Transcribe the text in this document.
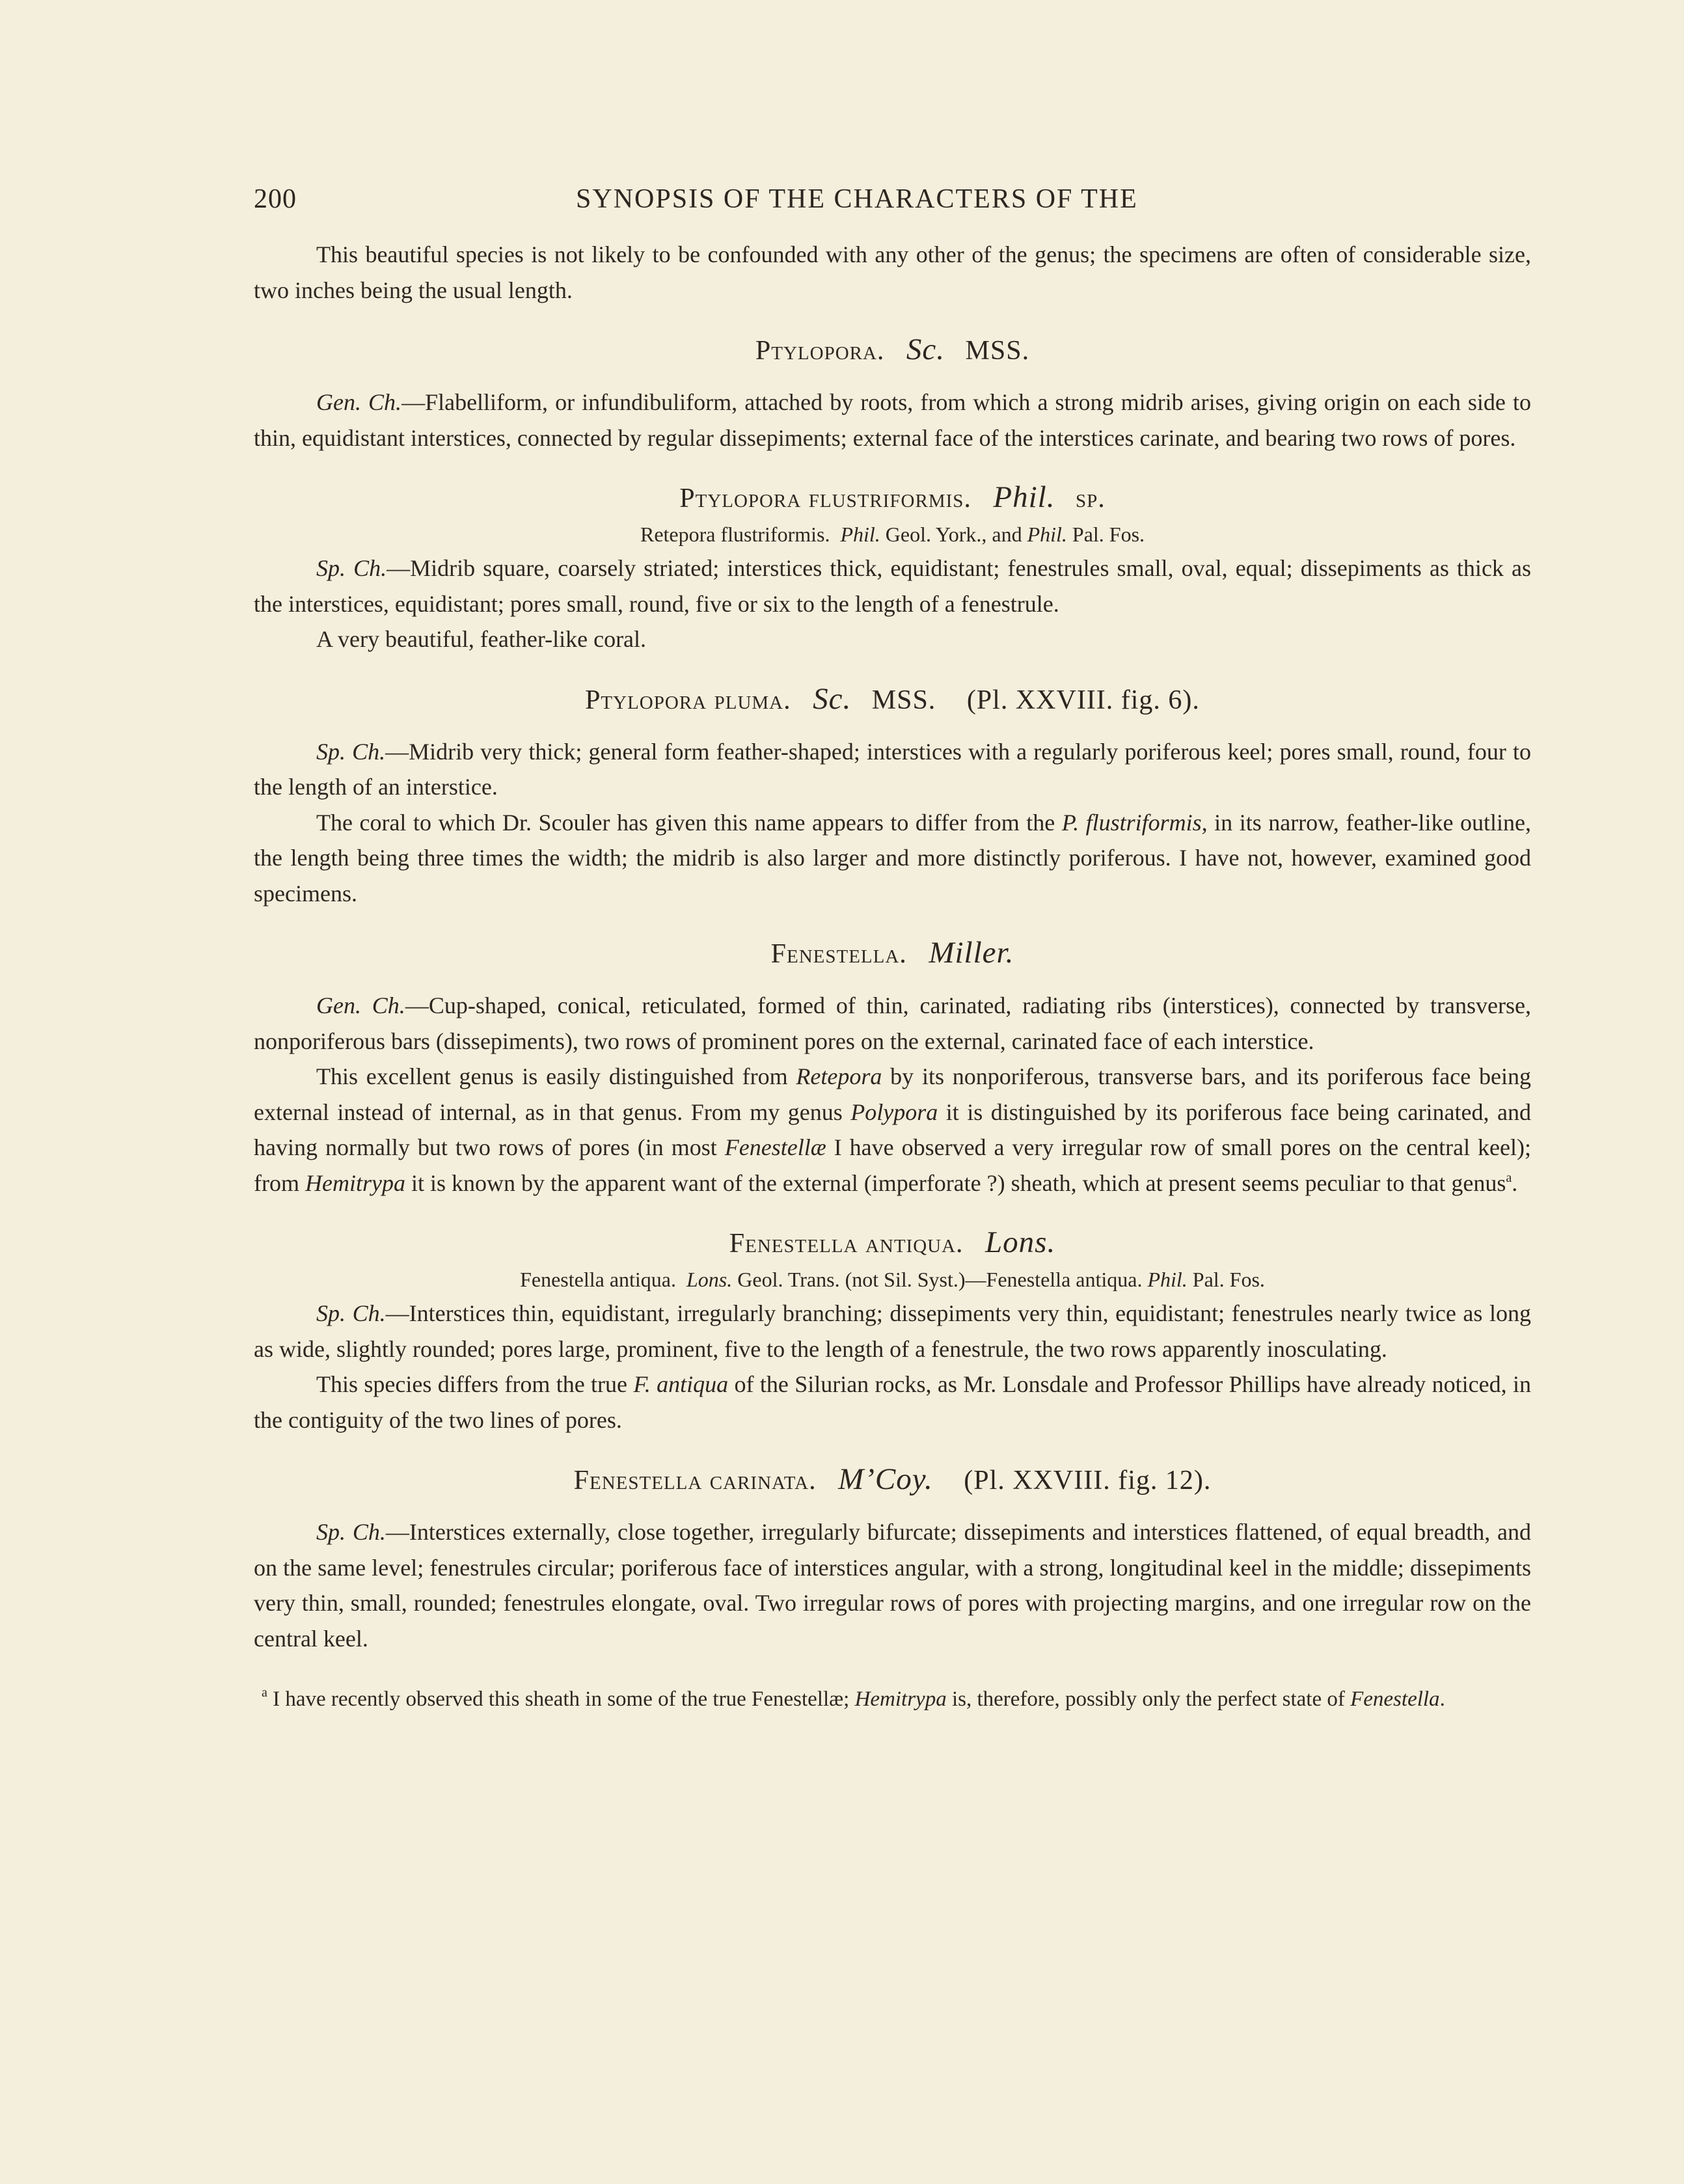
200	SYNOPSIS OF THE CHARACTERS OF THE

This beautiful species is not likely to be confounded with any other of the genus; the specimens are often of considerable size, two inches being the usual length.

Ptylopora. Sc. MSS.

Gen. Ch.—Flabelliform, or infundibuliform, attached by roots, from which a strong midrib arises, giving origin on each side to thin, equidistant interstices, connected by regular dissepiments; external face of the interstices carinate, and bearing two rows of pores.

Ptylopora flustriformis. Phil. sp.

Retepora flustriformis. Phil. Geol. York., and Phil. Pal. Fos.

Sp. Ch.—Midrib square, coarsely striated; interstices thick, equidistant; fenestrules small, oval, equal; dissepiments as thick as the interstices, equidistant; pores small, round, five or six to the length of a fenestrule.

A very beautiful, feather-like coral.

Ptylopora pluma. Sc. MSS. (Pl. XXVIII. fig. 6).

Sp. Ch.—Midrib very thick; general form feather-shaped; interstices with a regularly poriferous keel; pores small, round, four to the length of an interstice.

The coral to which Dr. Scouler has given this name appears to differ from the P. flustriformis, in its narrow, feather-like outline, the length being three times the width; the midrib is also larger and more distinctly poriferous. I have not, however, examined good specimens.

Fenestella. Miller.

Gen. Ch.—Cup-shaped, conical, reticulated, formed of thin, carinated, radiating ribs (interstices), connected by transverse, nonporiferous bars (dissepiments), two rows of prominent pores on the external, carinated face of each interstice.

This excellent genus is easily distinguished from Retepora by its nonporiferous, transverse bars, and its poriferous face being external instead of internal, as in that genus. From my genus Polypora it is distinguished by its poriferous face being carinated, and having normally but two rows of pores (in most Fenestellæ I have observed a very irregular row of small pores on the central keel); from Hemitrypa it is known by the apparent want of the external (imperforate ?) sheath, which at present seems peculiar to that genus$^a$.

Fenestella antiqua. Lons.

Fenestella antiqua. Lons. Geol. Trans. (not Sil. Syst.)—Fenestella antiqua. Phil. Pal. Fos.

Sp. Ch.—Interstices thin, equidistant, irregularly branching; dissepiments very thin, equidistant; fenestrules nearly twice as long as wide, slightly rounded; pores large, prominent, five to the length of a fenestrule, the two rows apparently inosculating.

This species differs from the true F. antiqua of the Silurian rocks, as Mr. Lonsdale and Professor Phillips have already noticed, in the contiguity of the two lines of pores.

Fenestella carinata. M’Coy. (Pl. XXVIII. fig. 12).

Sp. Ch.—Interstices externally, close together, irregularly bifurcate; dissepiments and interstices flattened, of equal breadth, and on the same level; fenestrules circular; poriferous face of interstices angular, with a strong, longitudinal keel in the middle; dissepiments very thin, small, rounded; fenestrules elongate, oval. Two irregular rows of pores with projecting margins, and one irregular row on the central keel.

$^a$ I have recently observed this sheath in some of the true Fenestellæ; Hemitrypa is, therefore, possibly only the perfect state of Fenestella.
